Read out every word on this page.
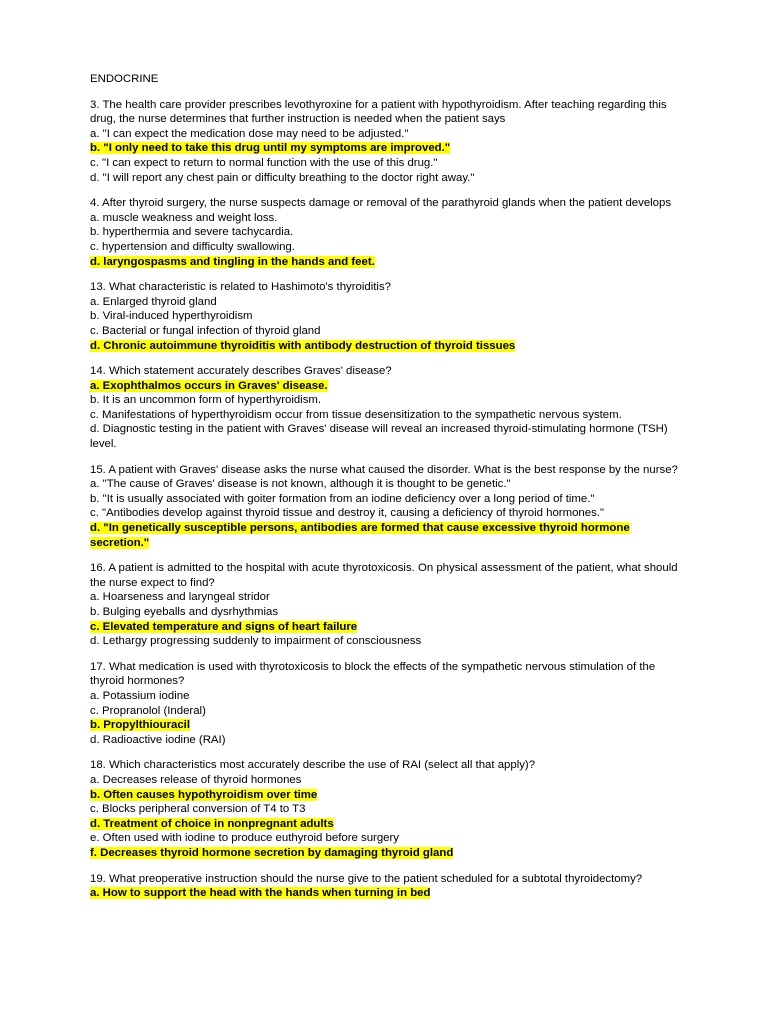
ENDOCRINE

3. The health care provider prescribes levothyroxine for a patient with hypothyroidism. After teaching regarding this drug, the nurse determines that further instruction is needed when the patient says

a. "I can expect the medication dose may need to be adjusted."
b. "I only need to take this drug until my symptoms are improved."
c. "I can expect to return to normal function with the use of this drug."
d. "I will report any chest pain or difficulty breathing to the doctor right away."

4. After thyroid surgery, the nurse suspects damage or removal of the parathyroid glands when the patient develops

a. muscle weakness and weight loss.
b. hyperthermia and severe tachycardia.
c. hypertension and difficulty swallowing.
d. laryngospasms and tingling in the hands and feet.

13. What characteristic is related to Hashimoto's thyroiditis?

a. Enlarged thyroid gland
b. Viral-induced hyperthyroidism
c. Bacterial or fungal infection of thyroid gland
d. Chronic autoimmune thyroiditis with antibody destruction of thyroid tissues

14. Which statement accurately describes Graves' disease?

a. Exophthalmos occurs in Graves' disease.
b. It is an uncommon form of hyperthyroidism.
c. Manifestations of hyperthyroidism occur from tissue desensitization to the sympathetic nervous system.
d. Diagnostic testing in the patient with Graves' disease will reveal an increased thyroid-stimulating hormone (TSH) level.

15. A patient with Graves' disease asks the nurse what caused the disorder. What is the best response by the nurse?

a. "The cause of Graves' disease is not known, although it is thought to be genetic."
b. "It is usually associated with goiter formation from an iodine deficiency over a long period of time."
c. "Antibodies develop against thyroid tissue and destroy it, causing a deficiency of thyroid hormones."
d. "In genetically susceptible persons, antibodies are formed that cause excessive thyroid hormone secretion."

16. A patient is admitted to the hospital with acute thyrotoxicosis. On physical assessment of the patient, what should the nurse expect to find?

a. Hoarseness and laryngeal stridor
b. Bulging eyeballs and dysrhythmias
c. Elevated temperature and signs of heart failure
d. Lethargy progressing suddenly to impairment of consciousness

17. What medication is used with thyrotoxicosis to block the effects of the sympathetic nervous stimulation of the thyroid hormones?

a. Potassium iodine
c. Propranolol (Inderal)
b. Propylthiouracil
d. Radioactive iodine (RAI)

18. Which characteristics most accurately describe the use of RAI (select all that apply)?

a. Decreases release of thyroid hormones
b. Often causes hypothyroidism over time
c. Blocks peripheral conversion of T4 to T3
d. Treatment of choice in nonpregnant adults
e. Often used with iodine to produce euthyroid before surgery
f. Decreases thyroid hormone secretion by damaging thyroid gland

19. What preoperative instruction should the nurse give to the patient scheduled for a subtotal thyroidectomy?

a. How to support the head with the hands when turning in bed
